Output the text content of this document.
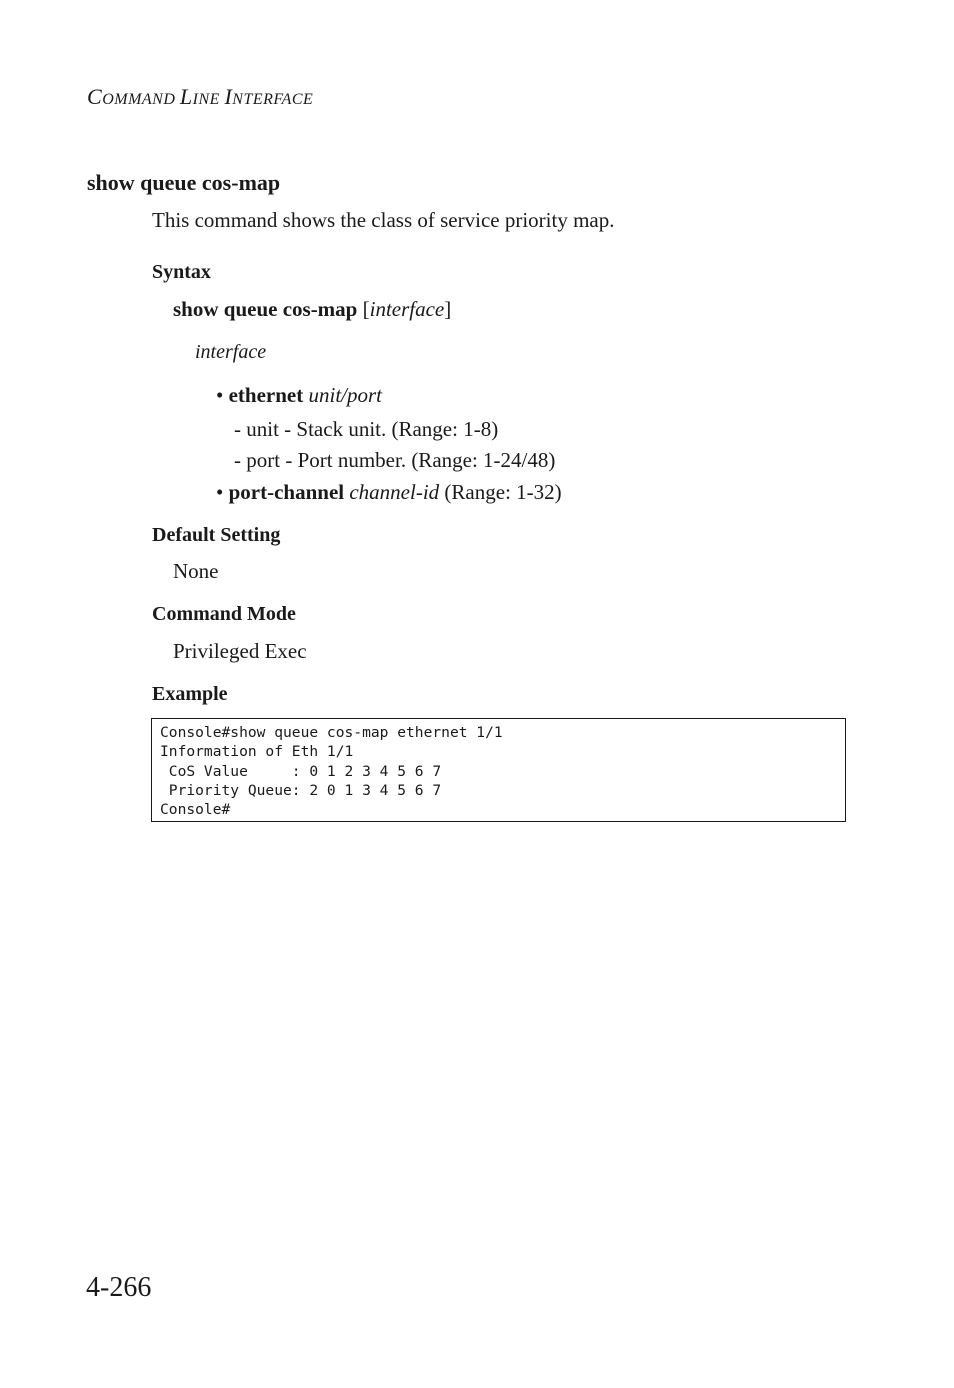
COMMAND LINE INTERFACE
show queue cos-map
This command shows the class of service priority map.
Syntax
show queue cos-map [interface]
interface
• ethernet unit/port
- unit - Stack unit. (Range: 1-8)
- port - Port number. (Range: 1-24/48)
• port-channel channel-id (Range: 1-32)
Default Setting
None
Command Mode
Privileged Exec
Example
Console#show queue cos-map ethernet 1/1
Information of Eth 1/1
CoS Value     : 0 1 2 3 4 5 6 7
Priority Queue: 2 0 1 3 4 5 6 7
Console#
4-266
